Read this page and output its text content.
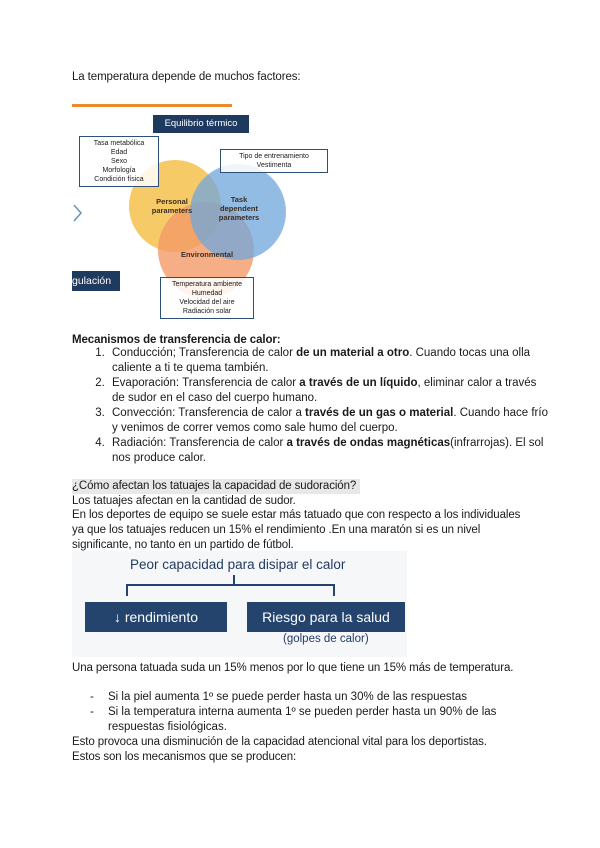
La temperatura depende de muchos factores:
Equilibrio térmico
Tasa metabólica
Edad
Sexo
Morfología
Condición física
Tipo de entrenamiento
Vestimenta
Personal
parameters
Task
dependent
parameters
Environmental
gulación	Temperatura ambiente
Humedad
Velocidad del aire
Radiación solar
Mecanismos de transferencia de calor:
1. Conducción; Transferencia de calor de un material a otro. Cuando tocas una olla caliente a ti te quema también.
2. Evaporación: Transferencia de calor a través de un líquido, eliminar calor a través de sudor en el caso del cuerpo humano.
3. Convección: Transferencia de calor a través de un gas o material. Cuando hace frío y venimos de correr vemos como sale humo del cuerpo.
4. Radiación: Transferencia de calor a través de ondas magnéticas(infrarrojas). El sol nos produce calor.
¿Cómo afectan los tatuajes la capacidad de sudoración?
Los tatuajes afectan en la cantidad de sudor.
En los deportes de equipo se suele estar más tatuado que con respecto a los individuales ya que los tatuajes reducen un 15% el rendimiento .En una maratón si es un nivel significante, no tanto en un partido de fútbol.
Peor capacidad para disipar el calor
↓ rendimiento	Riesgo para la salud
(golpes de calor)
Una persona tatuada suda un 15% menos por lo que tiene un 15% más de temperatura.
- Si la piel aumenta 1º se puede perder hasta un 30% de las respuestas
- Si la temperatura interna aumenta 1º se pueden perder hasta un 90% de las respuestas fisiológicas.
Esto provoca una disminución de la capacidad atencional vital para los deportistas.
Estos son los mecanismos que se producen:
